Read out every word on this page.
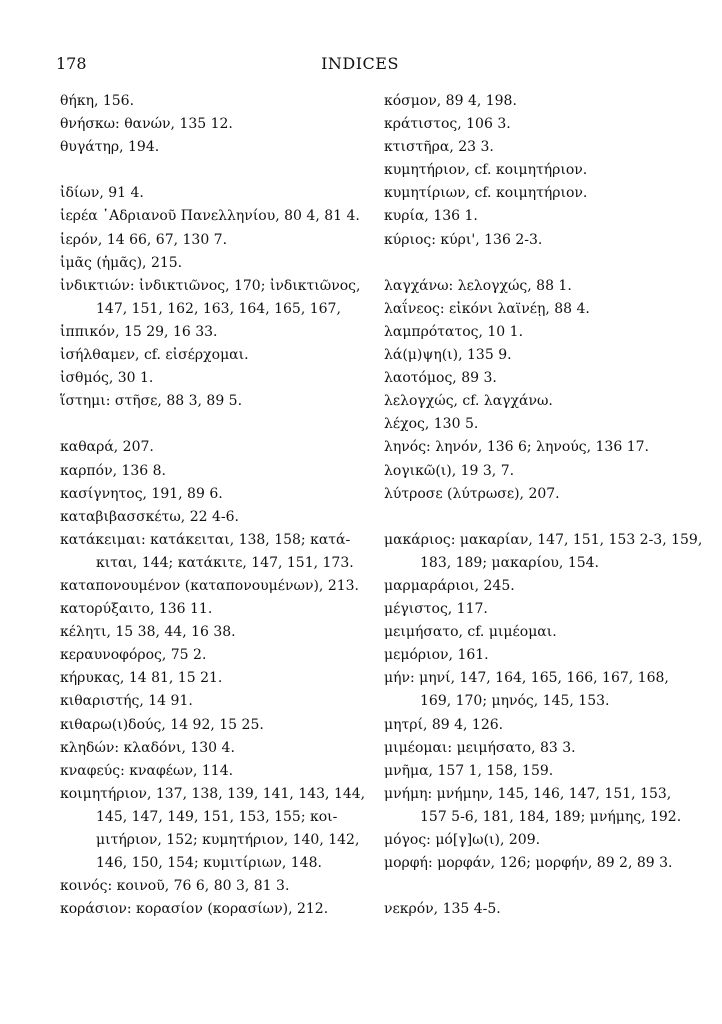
178	INDICES
θήκη, 156.
θνήσκω: θανών, 135 12.
θυγάτηρ, 194.
ἰδίων, 91 4.
ἱερέα ῾Αδριανοῦ Πανελληνίου, 80 4, 81 4.
ἱερόν, 14 66, 67, 130 7.
ἱμᾶς (ἡμᾶς), 215.
ἰνδικτιών: ἰνδικτιῶνος, 170; ἰνδικτιῶνος,
147, 151, 162, 163, 164, 165, 167,
ἱππικόν, 15 29, 16 33.
ἰσήλθαμεν, cf. εἰσέρχομαι.
ἰσθμός, 30 1.
ἵστημι: στῆσε, 88 3, 89 5.
καθαρά, 207.
καρπόν, 136 8.
κασίγνητος, 191, 89 6.
καταβιβασσκέτω, 22 4-6.
κατάκειμαι: κατάκειται, 138, 158; κατά-
κιται, 144; κατάκιτε, 147, 151, 173.
καταπονουμένον (καταπονουμένων), 213.
κατορύξαιτο, 136 11.
κέλητι, 15 38, 44, 16 38.
κεραυνοφόρος, 75 2.
κήρυκας, 14 81, 15 21.
κιθαριστής, 14 91.
κιθαρω(ι)δούς, 14 92, 15 25.
κληδών: κλαδόνι, 130 4.
κναφεύς: κναφέων, 114.
κοιμητήριον, 137, 138, 139, 141, 143, 144,
145, 147, 149, 151, 153, 155; κοι-
μιτήριον, 152; κυμητήριον, 140, 142,
146, 150, 154; κυμιτίριων, 148.
κοινός: κοινοῦ, 76 6, 80 3, 81 3.
κοράσιον: κορασίον (κορασίων), 212.
κόσμον, 89 4, 198.
κράτιστος, 106 3.
κτιστῆρα, 23 3.
κυμητήριον, cf. κοιμητήριον.
κυμητίριων, cf. κοιμητήριον.
κυρία, 136 1.
κύριος: κύρι', 136 2-3.
λαγχάνω: λελογχώς, 88 1.
λαΐνεος: εἰκόνι λαϊνέῃ, 88 4.
λαμπρότατος, 10 1.
λά(μ)ψη(ι), 135 9.
λαοτόμος, 89 3.
λελογχώς, cf. λαγχάνω.
λέχος, 130 5.
ληνός: ληνόν, 136 6; ληνούς, 136 17.
λογικῶ(ι), 19 3, 7.
λύτροσε (λύτρωσε), 207.
μακάριος: μακαρίαν, 147, 151, 153 2-3, 159,
183, 189; μακαρίου, 154.
μαρμαράριοι, 245.
μέγιστος, 117.
μειμήσατο, cf. μιμέομαι.
μεμόριον, 161.
μήν: μηνί, 147, 164, 165, 166, 167, 168,
169, 170; μηνός, 145, 153.
μητρί, 89 4, 126.
μιμέομαι: μειμήσατο, 83 3.
μνῆμα, 157 1, 158, 159.
μνήμη: μνήμην, 145, 146, 147, 151, 153,
157 5-6, 181, 184, 189; μνήμης, 192.
μόγος: μό[γ]ω(ι), 209.
μορφή: μορφάν, 126; μορφήν, 89 2, 89 3.
νεκρόν, 135 4-5.
